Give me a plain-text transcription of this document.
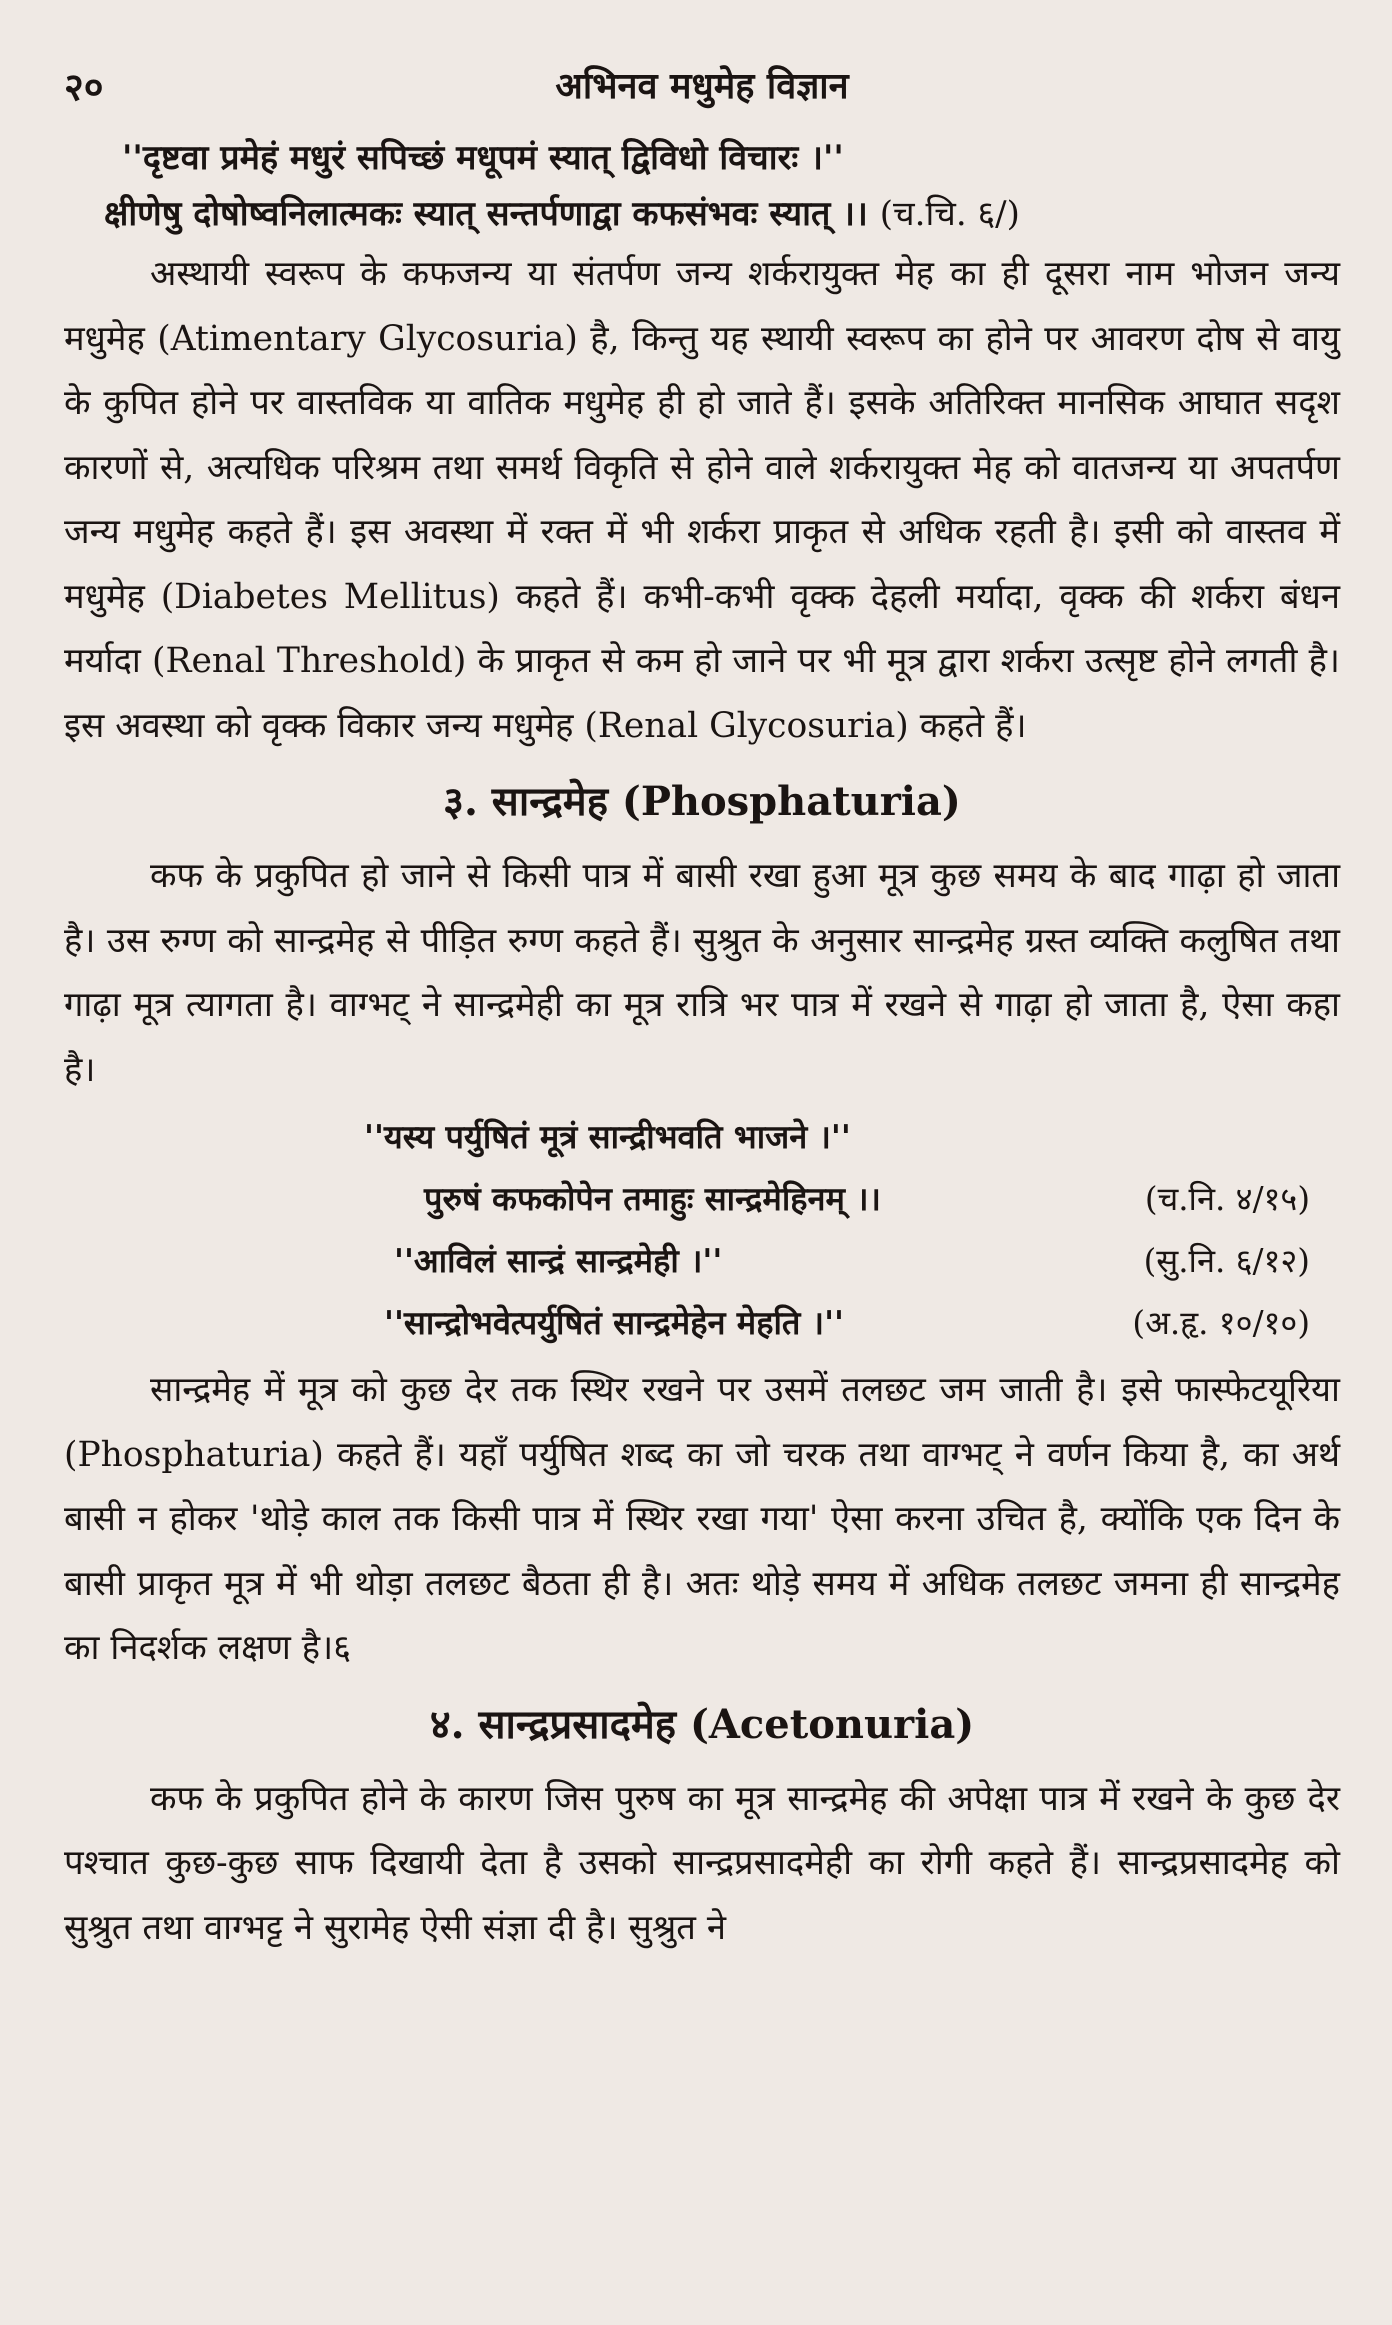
२०	अभिनव मधुमेह विज्ञान
''दृष्टवा प्रमेहं मधुरं सपिच्छं मधूपमं स्यात् द्विविधो विचारः ।''
क्षीणेषु दोषोष्वनिलात्मकः स्यात् सन्तर्पणाद्वा कफसंभवः स्यात् ।। (च.चि. ६/)

अस्थायी स्वरूप के कफजन्य या संतर्पण जन्य शर्करायुक्त मेह का ही दूसरा नाम भोजन जन्य मधुमेह (Atimentary Glycosuria) है, किन्तु यह स्थायी स्वरूप का होने पर आवरण दोष से वायु के कुपित होने पर वास्तविक या वातिक मधुमेह ही हो जाते हैं। इसके अतिरिक्त मानसिक आघात सदृश कारणों से, अत्यधिक परिश्रम तथा समर्थ विकृति से होने वाले शर्करायुक्त मेह को वातजन्य या अपतर्पण जन्य मधुमेह कहते हैं। इस अवस्था में रक्त में भी शर्करा प्राकृत से अधिक रहती है। इसी को वास्तव में मधुमेह (Diabetes Mellitus) कहते हैं। कभी-कभी वृक्क देहली मर्यादा, वृक्क की शर्करा बंधन मर्यादा (Renal Threshold) के प्राकृत से कम हो जाने पर भी मूत्र द्वारा शर्करा उत्सृष्ट होने लगती है। इस अवस्था को वृक्क विकार जन्य मधुमेह (Renal Glycosuria) कहते हैं।

३. सान्द्रमेह (Phosphaturia)

कफ के प्रकुपित हो जाने से किसी पात्र में बासी रखा हुआ मूत्र कुछ समय के बाद गाढ़ा हो जाता है। उस रुग्ण को सान्द्रमेह से पीड़ित रुग्ण कहते हैं। सुश्रुत के अनुसार सान्द्रमेह ग्रस्त व्यक्ति कलुषित तथा गाढ़ा मूत्र त्यागता है। वाग्भट् ने सान्द्रमेही का मूत्र रात्रि भर पात्र में रखने से गाढ़ा हो जाता है, ऐसा कहा है।

''यस्य पर्युषितं मूत्रं सान्द्रीभवति भाजने ।''
पुरुषं कफकोपेन तमाहुः सान्द्रमेहिनम् ।।	(च.नि. ४/१५)
''आविलं सान्द्रं सान्द्रमेही ।''	(सु.नि. ६/१२)
''सान्द्रोभवेत्पर्युषितं सान्द्रमेहेन मेहति ।''	(अ.हृ. १०/१०)

सान्द्रमेह में मूत्र को कुछ देर तक स्थिर रखने पर उसमें तलछट जम जाती है। इसे फास्फेटयूरिया (Phosphaturia) कहते हैं। यहाँ पर्युषित शब्द का जो चरक तथा वाग्भट् ने वर्णन किया है, का अर्थ बासी न होकर 'थोड़े काल तक किसी पात्र में स्थिर रखा गया' ऐसा करना उचित है, क्योंकि एक दिन के बासी प्राकृत मूत्र में भी थोड़ा तलछट बैठता ही है। अतः थोड़े समय में अधिक तलछट जमना ही सान्द्रमेह का निदर्शक लक्षण है।६

४. सान्द्रप्रसादमेह (Acetonuria)

कफ के प्रकुपित होने के कारण जिस पुरुष का मूत्र सान्द्रमेह की अपेक्षा पात्र में रखने के कुछ देर पश्चात कुछ-कुछ साफ दिखायी देता है उसको सान्द्रप्रसादमेही का रोगी कहते हैं। सान्द्रप्रसादमेह को सुश्रुत तथा वाग्भट्ट ने सुरामेह ऐसी संज्ञा दी है। सुश्रुत ने
